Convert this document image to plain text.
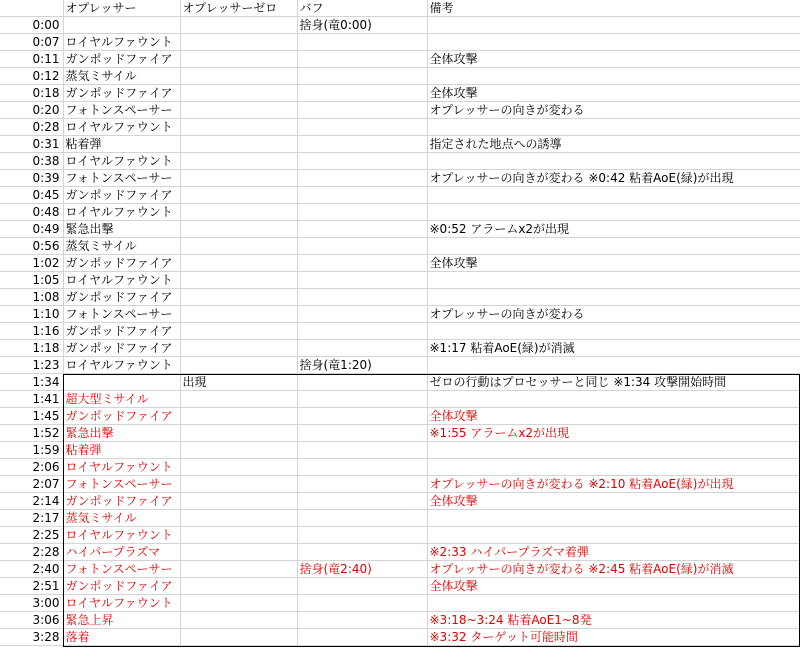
	オプレッサー	オプレッサーゼロ	バフ	備考
0:00			捨身(竜0:00)	
0:07	ロイヤルファウント			
0:11	ガンポッドファイア			全体攻撃
0:12	蒸気ミサイル			
0:18	ガンポッドファイア			全体攻撃
0:20	フォトンスペーサー			オプレッサーの向きが変わる
0:28	ロイヤルファウント			
0:31	粘着弾			指定された地点への誘導
0:38	ロイヤルファウント			
0:39	フォトンスペーサー			オプレッサーの向きが変わる ※0:42 粘着AoE(緑)が出現
0:45	ガンポッドファイア			
0:48	ロイヤルファウント			
0:49	緊急出撃			※0:52 アラームx2が出現
0:56	蒸気ミサイル			
1:02	ガンポッドファイア			全体攻撃
1:05	ロイヤルファウント			
1:08	ガンポッドファイア			
1:10	フォトンスペーサー			オプレッサーの向きが変わる
1:16	ガンポッドファイア			
1:18	ガンポッドファイア			※1:17 粘着AoE(緑)が消滅
1:23	ロイヤルファウント		捨身(竜1:20)	
1:34		出現		ゼロの行動はプロセッサーと同じ ※1:34 攻撃開始時間
1:41	超大型ミサイル			
1:45	ガンポッドファイア			全体攻撃
1:52	緊急出撃			※1:55 アラームx2が出現
1:59	粘着弾			
2:06	ロイヤルファウント			
2:07	フォトンスペーサー			オプレッサーの向きが変わる ※2:10 粘着AoE(緑)が出現
2:14	ガンポッドファイア			全体攻撃
2:17	蒸気ミサイル			
2:25	ロイヤルファウント			
2:28	ハイパープラズマ			※2:33 ハイパープラズマ着弾
2:40	フォトンスペーサー		捨身(竜2:40)	オプレッサーの向きが変わる ※2:45 粘着AoE(緑)が消滅
2:51	ガンポッドファイア			全体攻撃
3:00	ロイヤルファウント			
3:06	緊急上昇			※3:18~3:24 粘着AoE1~8発
3:28	落着			※3:32 ターゲット可能時間
